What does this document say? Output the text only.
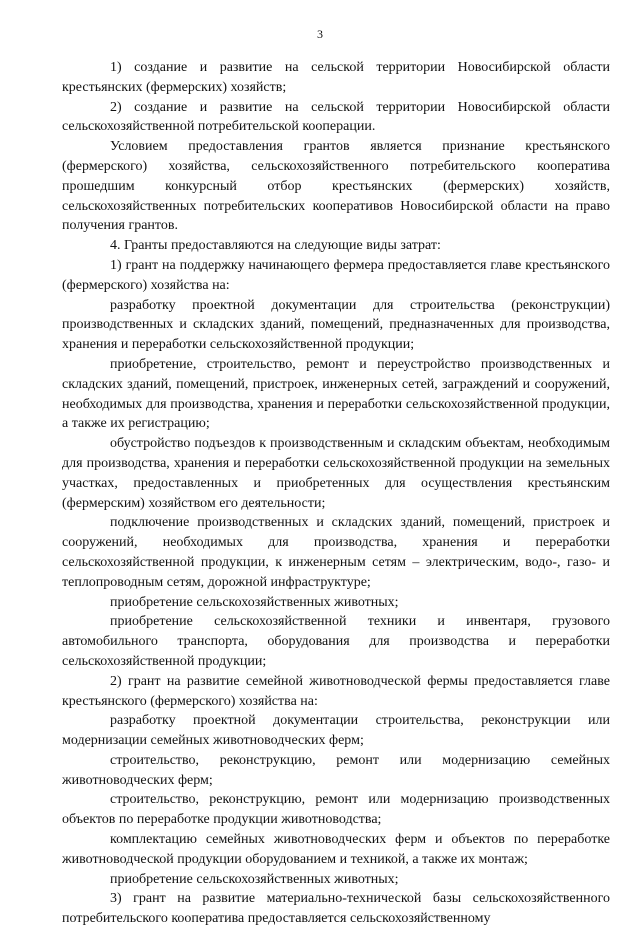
3

1) создание и развитие на сельской территории Новосибирской области крестьянских (фермерских) хозяйств;

2) создание и развитие на сельской территории Новосибирской области сельскохозяйственной потребительской кооперации.

Условием предоставления грантов является признание крестьянского (фермерского) хозяйства, сельскохозяйственного потребительского кооператива прошедшим конкурсный отбор крестьянских (фермерских) хозяйств, сельскохозяйственных потребительских кооперативов Новосибирской области на право получения грантов.

4. Гранты предоставляются на следующие виды затрат:

1) грант на поддержку начинающего фермера предоставляется главе крестьянского (фермерского) хозяйства на:

разработку проектной документации для строительства (реконструкции) производственных и складских зданий, помещений, предназначенных для производства, хранения и переработки сельскохозяйственной продукции;

приобретение, строительство, ремонт и переустройство производственных и складских зданий, помещений, пристроек, инженерных сетей, заграждений и сооружений, необходимых для производства, хранения и переработки сельскохозяйственной продукции, а также их регистрацию;

обустройство подъездов к производственным и складским объектам, необходимым для производства, хранения и переработки сельскохозяйственной продукции на земельных участках, предоставленных и приобретенных для осуществления крестьянским (фермерским) хозяйством его деятельности;

подключение производственных и складских зданий, помещений, пристроек и сооружений, необходимых для производства, хранения и переработки сельскохозяйственной продукции, к инженерным сетям – электрическим, водо-, газо- и теплопроводным сетям, дорожной инфраструктуре;

приобретение сельскохозяйственных животных;

приобретение сельскохозяйственной техники и инвентаря, грузового автомобильного транспорта, оборудования для производства и переработки сельскохозяйственной продукции;

2) грант на развитие семейной животноводческой фермы предоставляется главе крестьянского (фермерского) хозяйства на:

разработку проектной документации строительства, реконструкции или модернизации семейных животноводческих ферм;

строительство, реконструкцию, ремонт или модернизацию семейных животноводческих ферм;

строительство, реконструкцию, ремонт или модернизацию производственных объектов по переработке продукции животноводства;

комплектацию семейных животноводческих ферм и объектов по переработке животноводческой продукции оборудованием и техникой, а также их монтаж;

приобретение сельскохозяйственных животных;

3) грант на развитие материально-технической базы сельскохозяйственного потребительского кооператива предоставляется сельскохозяйственному
